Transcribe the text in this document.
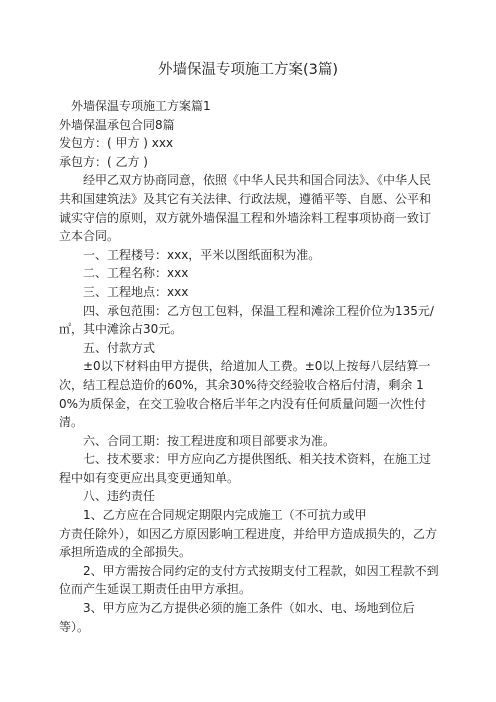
外墙保温专项施工方案(3篇)

外墙保温专项施工方案篇1

外墙保温承包合同8篇

发包方：( 甲方 ) xxx

承包方：( 乙方 )

经甲乙双方协商同意，依照《中华人民共和国合同法》、《中华人民共和国建筑法》及其它有关法律、行政法规，遵循平等、自愿、公平和诚实守信的原则，双方就外墙保温工程和外墙涂料工程事项协商一致订立本合同。

一、工程楼号：xxx，平米以图纸面积为准。

二、工程名称：xxx

三、工程地点：xxx

四、承包范围：乙方包工包料，保温工程和滩涂工程价位为135元/㎡，其中滩涂占30元。

五、付款方式

±0以下材料由甲方提供，给道加人工费。±0以上按每八层结算一次，结工程总造价的60%，其余30%待交经验收合格后付清，剩余 10%为质保金，在交工验收合格后半年之内没有任何质量问题一次性付清。

六、合同工期：按工程进度和项目部要求为准。

七、技术要求：甲方应向乙方提供图纸、相关技术资料，在施工过程中如有变更应出具变更通知单。

八、违约责任

1、乙方应在合同规定期限内完成施工（不可抗力或甲

方责任除外），如因乙方原因影响工程进度，并给甲方造成损失的，乙方承担所造成的全部损失。

2、甲方需按合同约定的支付方式按期支付工程款，如因工程款不到位而产生延误工期责任由甲方承担。

3、甲方应为乙方提供必须的施工条件（如水、电、场地到位后等）。
